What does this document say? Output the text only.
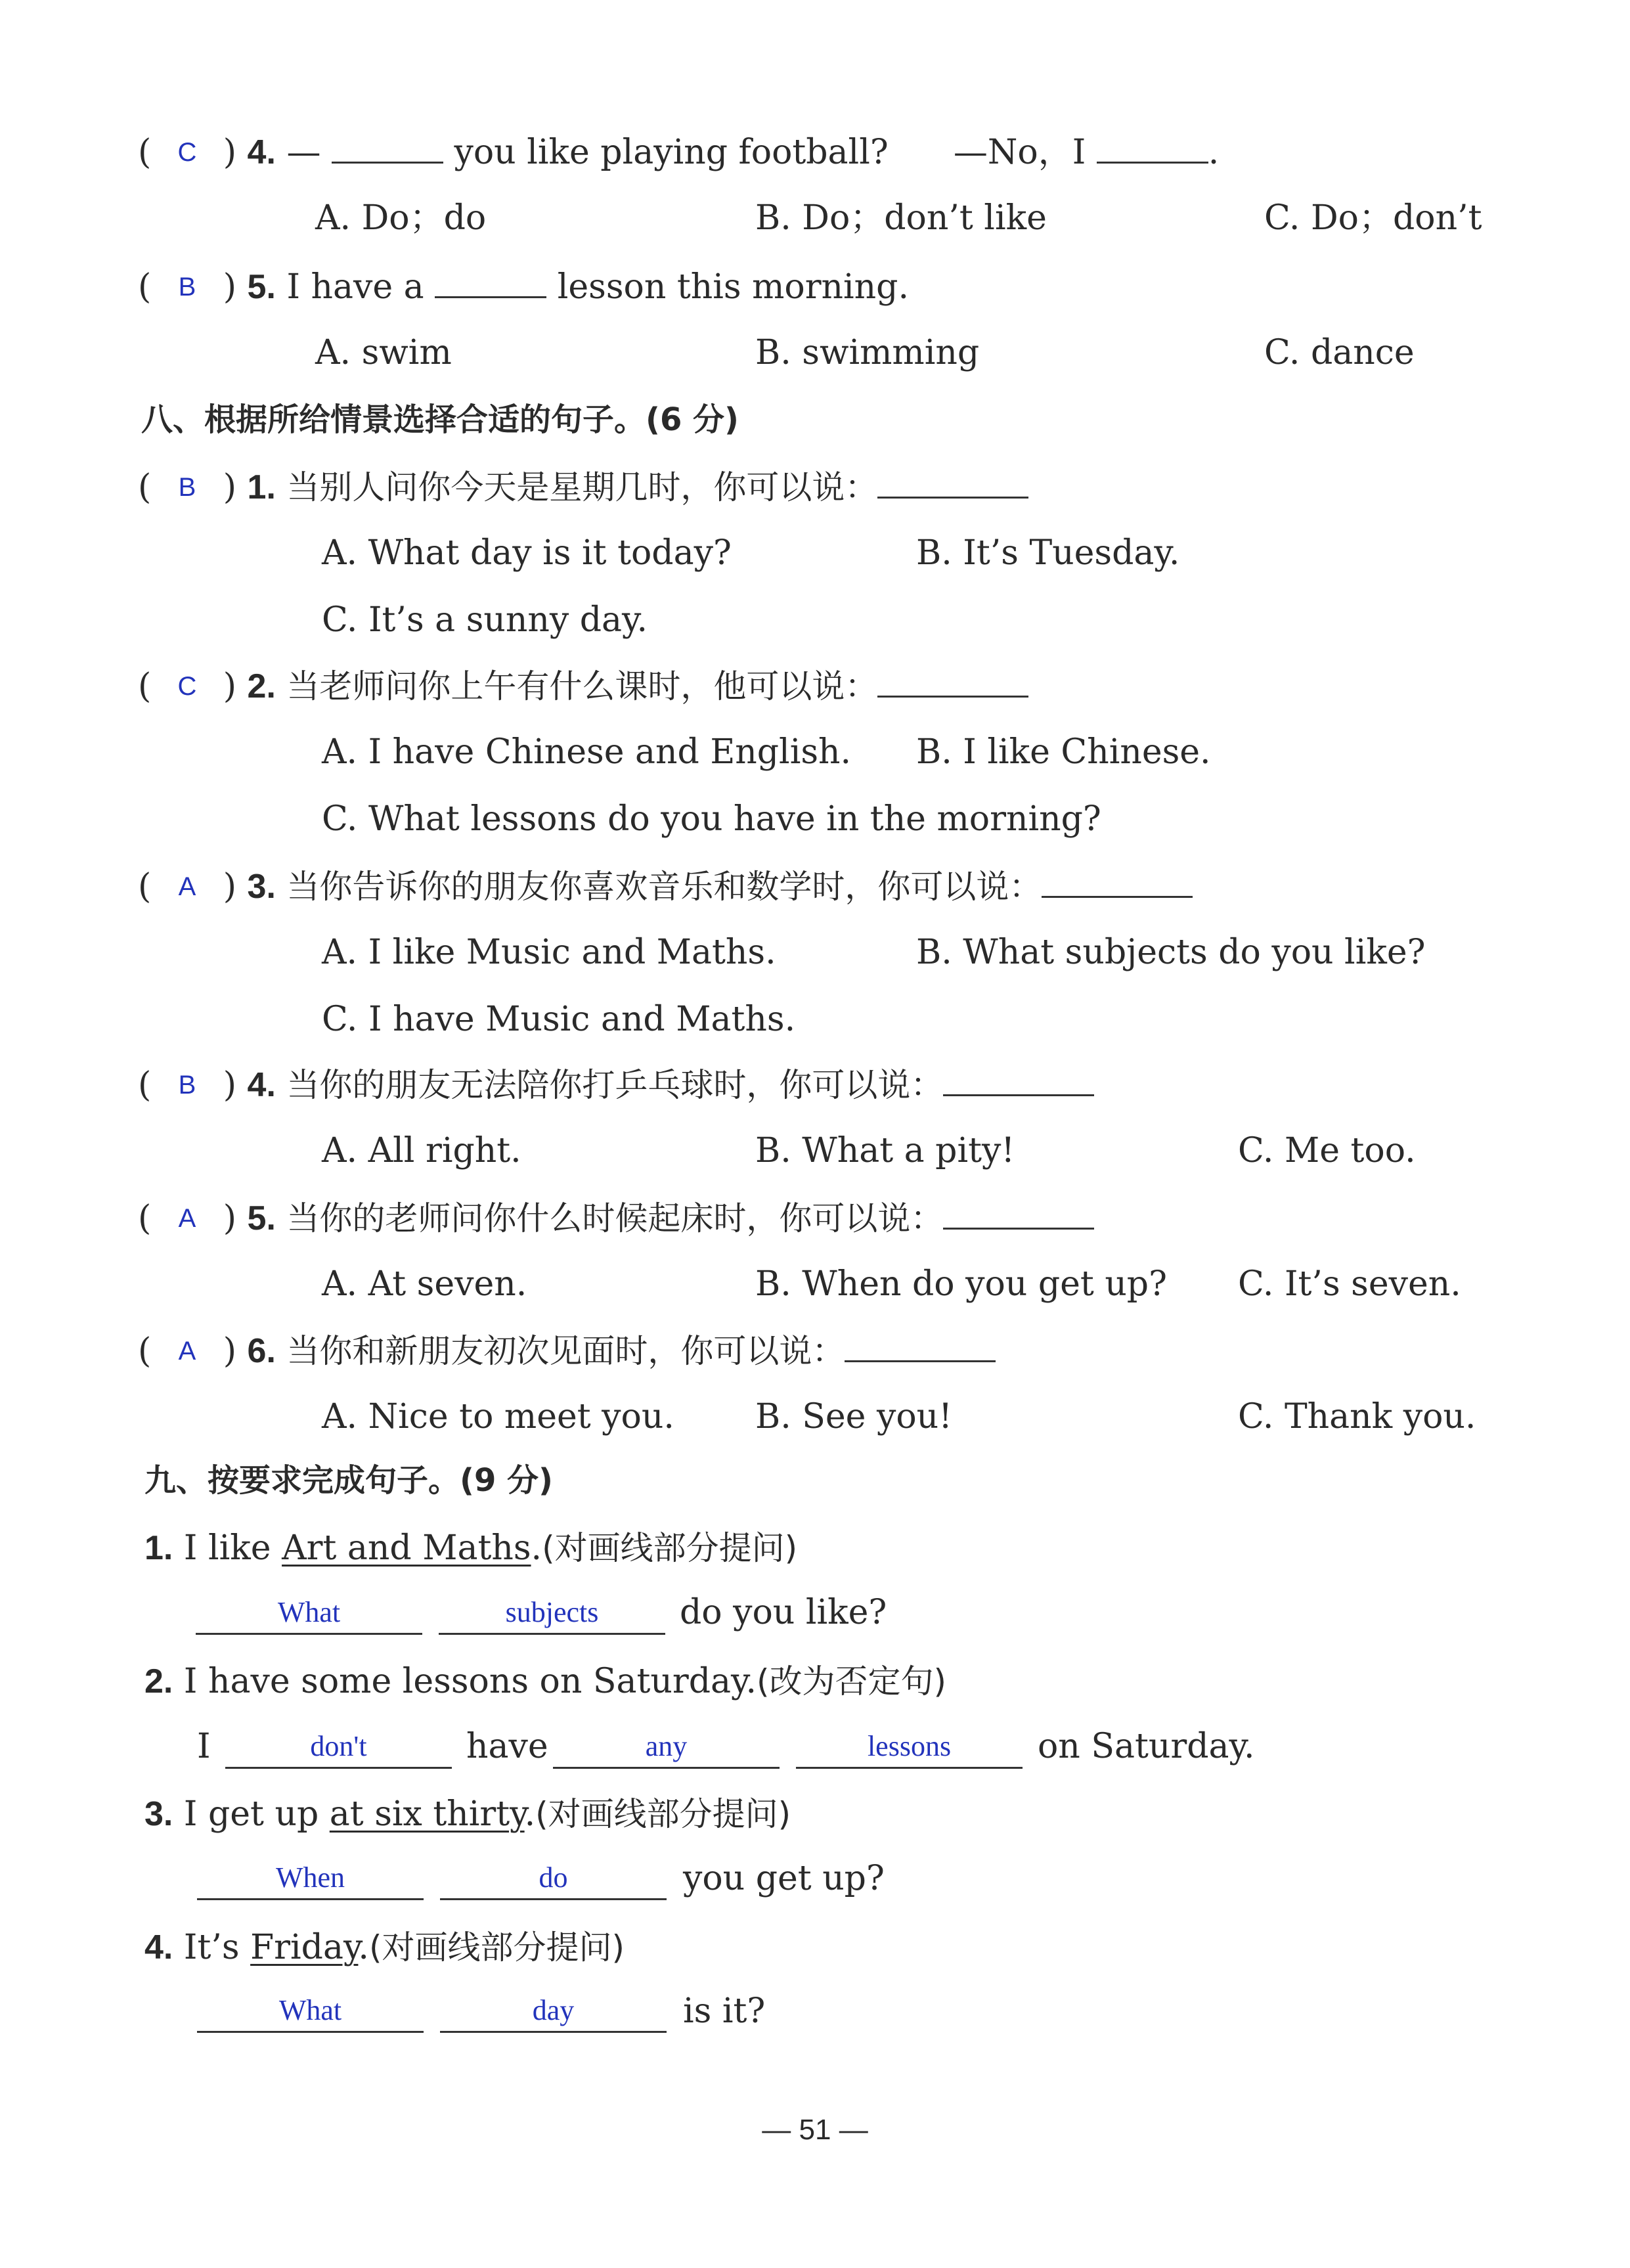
( C ) 4. —	you like playing football? —No，I	.
A. Do；do	B. Do；don’t like	C. Do；don’t
( B ) 5. I have a	lesson this morning.
A. swim	B. swimming	C. dance
八、根据所给情景选择合适的句子。(6 分)
( B ) 1. 当别人问你今天是星期几时，你可以说：
A. What day is it today?	B. It’s Tuesday.
C. It’s a sunny day.
( C ) 2. 当老师问你上午有什么课时，他可以说：
A. I have Chinese and English. B. I like Chinese.
C. What lessons do you have in the morning?
( A ) 3. 当你告诉你的朋友你喜欢音乐和数学时，你可以说：
A. I like Music and Maths.	B. What subjects do you like?
C. I have Music and Maths.
( B ) 4. 当你的朋友无法陪你打乒乓球时，你可以说：
A. All right.	B. What a pity!	C. Me too.
( A ) 5. 当你的老师问你什么时候起床时，你可以说：
A. At seven.	B. When do you get up? C. It’s seven.
( A ) 6. 当你和新朋友初次见面时，你可以说：
A. Nice to meet you. B. See you!	C. Thank you.
九、按要求完成句子。(9 分)
1. I like Art and Maths.(对画线部分提问)
What	subjects	do you like?
2. I have some lessons on Saturday.(改为否定句)
I	don't	have	any	lessons	on Saturday.
3. I get up at six thirty.(对画线部分提问)
When	do	you get up?
4. It’s Friday.(对画线部分提问)
What	day	is it?
— 51 —
